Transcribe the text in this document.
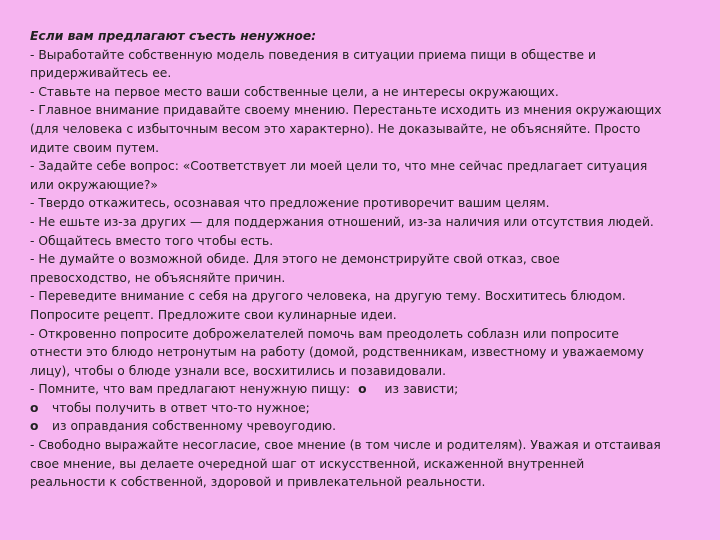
Если вам предлагают съесть ненужное:
- Выработайте собственную модель поведения в ситуации приема пищи в обществе и
придерживайтесь ее.
- Ставьте на первое место ваши собственные цели, а не интересы окружающих.
- Главное внимание придавайте своему мнению. Перестаньте исходить из мнения окружающих
(для человека с избыточным весом это характерно). Не доказывайте, не объясняйте. Просто
идите своим путем.
- Задайте себе вопрос: «Соответствует ли моей цели то, что мне сейчас предлагает ситуация
или окружающие?»
- Твердо откажитесь, осознавая что предложение противоречит вашим целям.
- Не ешьте из-за других — для поддержания отношений, из-за наличия или отсутствия людей.
- Общайтесь вместо того чтобы есть.
- Не думайте о возможной обиде. Для этого не демонстрируйте свой отказ, свое
превосходство, не объясняйте причин.
- Переведите внимание с себя на другого человека, на другую тему. Восхититесь блюдом.
Попросите рецепт. Предложите свои кулинарные идеи.
- Откровенно попросите доброжелателей помочь вам преодолеть соблазн или попросите
отнести это блюдо нетронутым на работу (домой, родственникам, известному и уважаемому
лицу), чтобы о блюде узнали все, восхитились и позавидовали.
- Помните, что вам предлагают ненужную пищу: o из зависти;
o чтобы получить в ответ что-то нужное;
o из оправдания собственному чревоугодию.
- Свободно выражайте несогласие, свое мнение (в том числе и родителям). Уважая и отстаивая
свое мнение, вы делаете очередной шаг от искусственной, искаженной внутренней
реальности к собственной, здоровой и привлекательной реальности.
